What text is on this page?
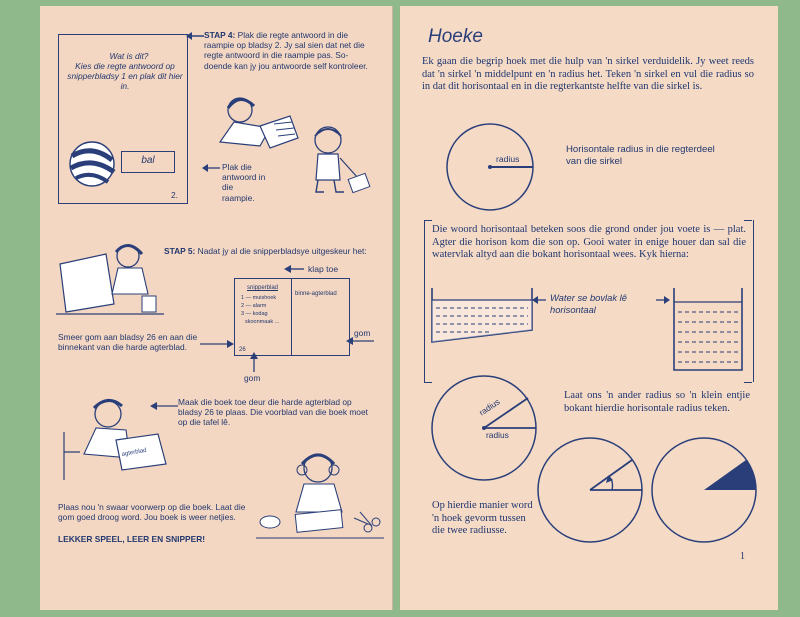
Wat is dit?
Kies die regte antwoord op snipperbladsy 1 en plak dit hier in.
bal
2.
STAP 4: Plak die regte antwoord in die raampie op bladsy 2. Jy sal sien dat net die regte antwoord in die raampie pas. So-doende kan jy jou antwoorde self kontroleer.
Plak die antwoord in die raampie.
STAP 5: Nadat jy al die snipperbladsye uitgeskeur het:
klap toe
snipperblad
1 — muishoek
2 — alarm
3 — kodag
skoonmaak ...
binne-agterblad
26
gom
gom
Smeer gom aan bladsy 26 en aan die binnekant van die harde agterblad.
agterblad
Maak die boek toe deur die harde agterblad op bladsy 26 te plaas. Die voorblad van die boek moet op die tafel lê.
Plaas nou 'n swaar voorwerp op die boek. Laat die gom goed droog word. Jou boek is weer netjies.
LEKKER SPEEL, LEER EN SNIPPER!
Hoeke
Ek gaan die begrip hoek met die hulp van 'n sirkel verduidelik. Jy weet reeds dat 'n sirkel 'n middelpunt en 'n radius het. Teken 'n sirkel en vul die radius so in dat dit horisontaal en in die regterkantste helfte van die sirkel is.
radius
Horisontale radius in die regterdeel van die sirkel
Die woord horisontaal beteken soos die grond onder jou voete is — plat. Agter die horison kom die son op. Gooi water in enige houer dan sal die watervlak altyd aan die bokant horisontaal wees. Kyk hierna:
Water se bovlak lê horisontaal
radius
radius
Laat ons 'n ander radius so 'n klein entjie bokant hierdie horisontale radius teken.
Op hierdie manier word 'n hoek gevorm tussen die twee radiusse.
1
